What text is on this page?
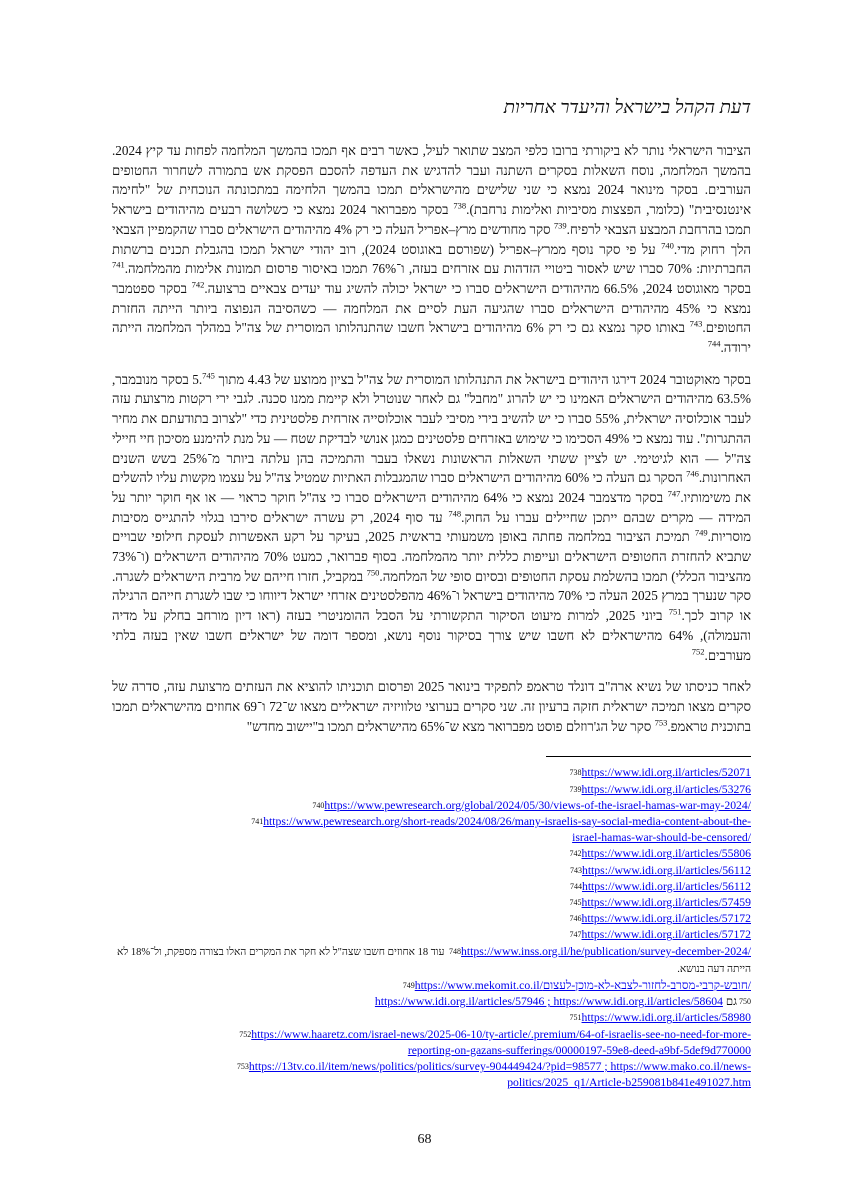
דעת הקהל בישראל והיעדר אחריות

הציבור הישראלי נותר לא ביקורתי ברובו כלפי המצב שתואר לעיל, כאשר רבים אף תמכו בהמשך המלחמה לפחות עד קיץ 2024. בהמשך המלחמה, נוסח השאלות בסקרים השתנה ועבר להדגיש את העדפה להסכם הפסקת אש בתמורה לשחרור החטופים העורבים. בסקר מינואר 2024 נמצא כי שני שלישים מהישראלים תמכו בהמשך הלחימה במתכונתה הנוכחית של "לחימה אינטנסיבית" (כלומר, הפצצות מסיביות ואלימות נרחבת).$^{738}$ בסקר מפברואר 2024 נמצא כי כשלושה רבעים מהיהודים בישראל תמכו בהרחבת המבצע הצבאי לרפיח.$^{739}$ סקר מחודשים מרץ–אפריל העלה כי רק 4% מהיהודים הישראלים סברו שהקמפיין הצבאי הלך רחוק מדי.$^{740}$ על פי סקר נוסף ממרץ–אפריל (שפורסם באוגוסט 2024), רוב יהודי ישראל תמכו בהגבלת תכנים ברשתות החברתיות: 70% סברו שיש לאסור ביטויי הזדהות עם אזרחים בעזה, ו־76% תמכו באיסור פרסום תמונות אלימות מהמלחמה.$^{741}$ בסקר מאוגוסט 2024, 66.5% מהיהודים הישראלים סברו כי ישראל יכולה להשיג עוד יעדים צבאיים ברצועה.$^{742}$ בסקר ספטמבר נמצא כי 45% מהיהודים הישראלים סברו שהגיעה העת לסיים את המלחמה — כשהסיבה הנפוצה ביותר הייתה החזרת החטופים.$^{743}$ באותו סקר נמצא גם כי רק 6% מהיהודים בישראל חשבו שהתנהלותו המוסרית של צה"ל במהלך המלחמה הייתה ירודה.$^{744}$

בסקר מאוקטובר 2024 דירגו היהודים בישראל את התנהלותו המוסרית של צה"ל בציון ממוצע של 4.43 מתוך 5.$^{745}$ בסקר מנובמבר, 63.5% מהיהודים הישראלים האמינו כי יש להרוג "מחבל" גם לאחר שנוטרל ולא קיימת ממנו סכנה. לגבי ירי רקטות מרצועת עזה לעבר אוכלוסיה ישראלית, 55% סברו כי יש להשיב בירי מסיבי לעבר אוכלוסייה אזרחית פלסטינית כדי "לצרוב בתודעתם את מחיר ההתגרות". עוד נמצא כי 49% הסכימו כי שימוש באזרחים פלסטינים כמגן אנושי לבדיקת שטח — על מנת להימנע מסיכון חיי חיילי צה"ל — הוא לגיטימי. יש לציין ששתי השאלות הראשונות נשאלו בעבר והתמיכה בהן עלתה ביותר מ־25% בשש השנים האחרונות.$^{746}$ הסקר גם העלה כי 60% מהיהודים הישראלים סברו שהמגבלות האתיות שמטיל צה"ל על עצמו מקשות עליו להשלים את משימותיו.$^{747}$ בסקר מדצמבר 2024 נמצא כי 64% מהיהודים הישראלים סברו כי צה"ל חוקר כראוי — או אף חוקר יותר על המידה — מקרים שבהם ייתכן שחיילים עברו על החוק.$^{748}$ עד סוף 2024, רק עשרה ישראלים סירבו בגלוי להתגייס מסיבות מוסריות.$^{749}$ תמיכת הציבור במלחמה פחתה באופן משמעותי בראשית 2025, בעיקר על רקע האפשרות לעסקת חילופי שבויים שתביא להחזרת החטופים הישראלים ועייפות כללית יותר מהמלחמה. בסוף פברואר, כמעט 70% מהיהודים הישראלים (ו־73% מהציבור הכללי) תמכו בהשלמת עסקת החטופים ובסיום סופי של המלחמה.$^{750}$ במקביל, חזרו חייהם של מרבית הישראלים לשגרה. סקר שנערך במרץ 2025 העלה כי 70% מהיהודים בישראל ו־46% מהפלסטינים אזרחי ישראל דיווחו כי שבו לשגרת חייהם הרגילה או קרוב לכך.$^{751}$ ביוני 2025, למרות מיעוט הסיקור התקשורתי על הסבל ההומניטרי בעזה (ראו דיון מורחב בחלק על מדיה והעמולה), 64% מהישראלים לא חשבו שיש צורך בסיקור נוסף נושא, ומספר דומה של ישראלים חשבו שאין בעזה בלתי מעורבים.$^{752}$

לאחר כניסתו של נשיא ארה"ב דונלד טראמפ לתפקיד בינואר 2025 ופרסום תוכניתו להוציא את העזתים מרצועת עזה, סדרה של סקרים מצאו תמיכה ישראלית חזקה ברעיון זה. שני סקרים בערוצי טלוויזיה ישראליים מצאו ש־72 ו־69 אחוזים מהישראלים תמכו בתוכנית טראמפ.$^{753}$ סקר של הג'רוזלם פוסט מפברואר מצא ש־65% מהישראלים תמכו ב"יישוב מחדש"

$^{738}$https://www.idi.org.il/articles/52071
$^{739}$https://www.idi.org.il/articles/53276
$^{740}$https://www.pewresearch.org/global/2024/05/30/views-of-the-israel-hamas-war-may-2024/
$^{741}$https://www.pewresearch.org/short-reads/2024/08/26/many-israelis-say-social-media-content-about-the-
israel-hamas-war-should-be-censored/
$^{742}$https://www.idi.org.il/articles/55806
$^{743}$https://www.idi.org.il/articles/56112
$^{744}$https://www.idi.org.il/articles/56112
$^{745}$https://www.idi.org.il/articles/57459
$^{746}$https://www.idi.org.il/articles/57172
$^{747}$https://www.idi.org.il/articles/57172
$^{748}$https://www.inss.org.il/he/publication/survey-december-2024/ עוד 18 אחוזים חשבו שצה"ל לא חקר את המקרים האלו בצורה מספקת, ול־18% לא הייתה דעה בנושא.
$^{749}$https://www.mekomit.co.il/חובש-קרבי-מסרב-לחזור-לצבא-לא-מוכן-לעצום/
$^{750}$גם https://www.idi.org.il/articles/57946 ; https://www.idi.org.il/articles/58604
$^{751}$https://www.idi.org.il/articles/58980
$^{752}$https://www.haaretz.com/israel-news/2025-06-10/ty-article/.premium/64-of-israelis-see-no-need-for-more-
reporting-on-gazans-sufferings/00000197-59e8-deed-a9bf-5def9d770000
$^{753}$https://13tv.co.il/item/news/politics/politics/survey-904449424/?pid=98577 ; https://www.mako.co.il/news-
politics/2025_q1/Article-b259081b841e491027.htm
68
